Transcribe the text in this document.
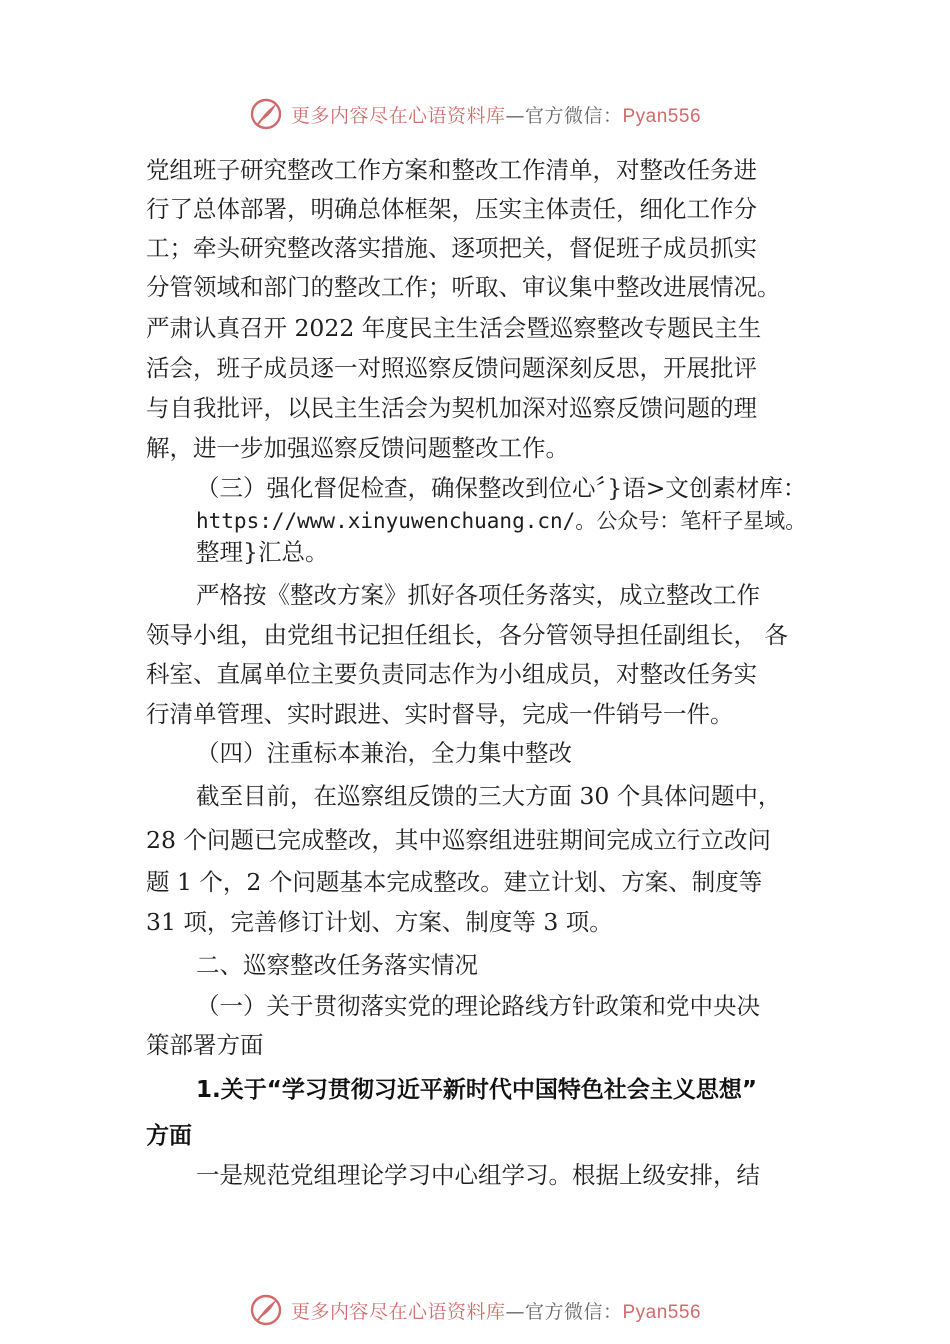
更多内容尽在心语资料库—官方微信：Pyan556
党组班子研究整改工作方案和整改工作清单，对整改任务进
行了总体部署，明确总体框架，压实主体责任，细化工作分
工；牵头研究整改落实措施、逐项把关，督促班子成员抓实
分管领域和部门的整改工作；听取、审议集中整改进展情况。
严肃认真召开 2022 年度民主生活会暨巡察整改专题民主生
活会，班子成员逐一对照巡察反馈问题深刻反思，开展批评
与自我批评，以民主生活会为契机加深对巡察反馈问题的理
解，进一步加强巡察反馈问题整改工作。
（三）强化督促检查，确保整改到位心〞}语>文创素材库：
https://www.xinyuwenchuang.cn/。公众号：笔杆子星域。
整理}汇总。
严格按《整改方案》抓好各项任务落实，成立整改工作
领导小组，由党组书记担任组长，各分管领导担任副组长， 各
科室、直属单位主要负责同志作为小组成员，对整改任务实
行清单管理、实时跟进、实时督导，完成一件销号一件。
（四）注重标本兼治，全力集中整改
截至目前，在巡察组反馈的三大方面 30 个具体问题中，
28 个问题已完成整改，其中巡察组进驻期间完成立行立改问
题 1 个，2 个问题基本完成整改。建立计划、方案、制度等
31 项，完善修订计划、方案、制度等 3 项。
二、巡察整改任务落实情况
（一）关于贯彻落实党的理论路线方针政策和党中央决
策部署方面
1.关于“学习贯彻习近平新时代中国特色社会主义思想”
方面
一是规范党组理论学习中心组学习。根据上级安排，结
更多内容尽在心语资料库—官方微信：Pyan556
